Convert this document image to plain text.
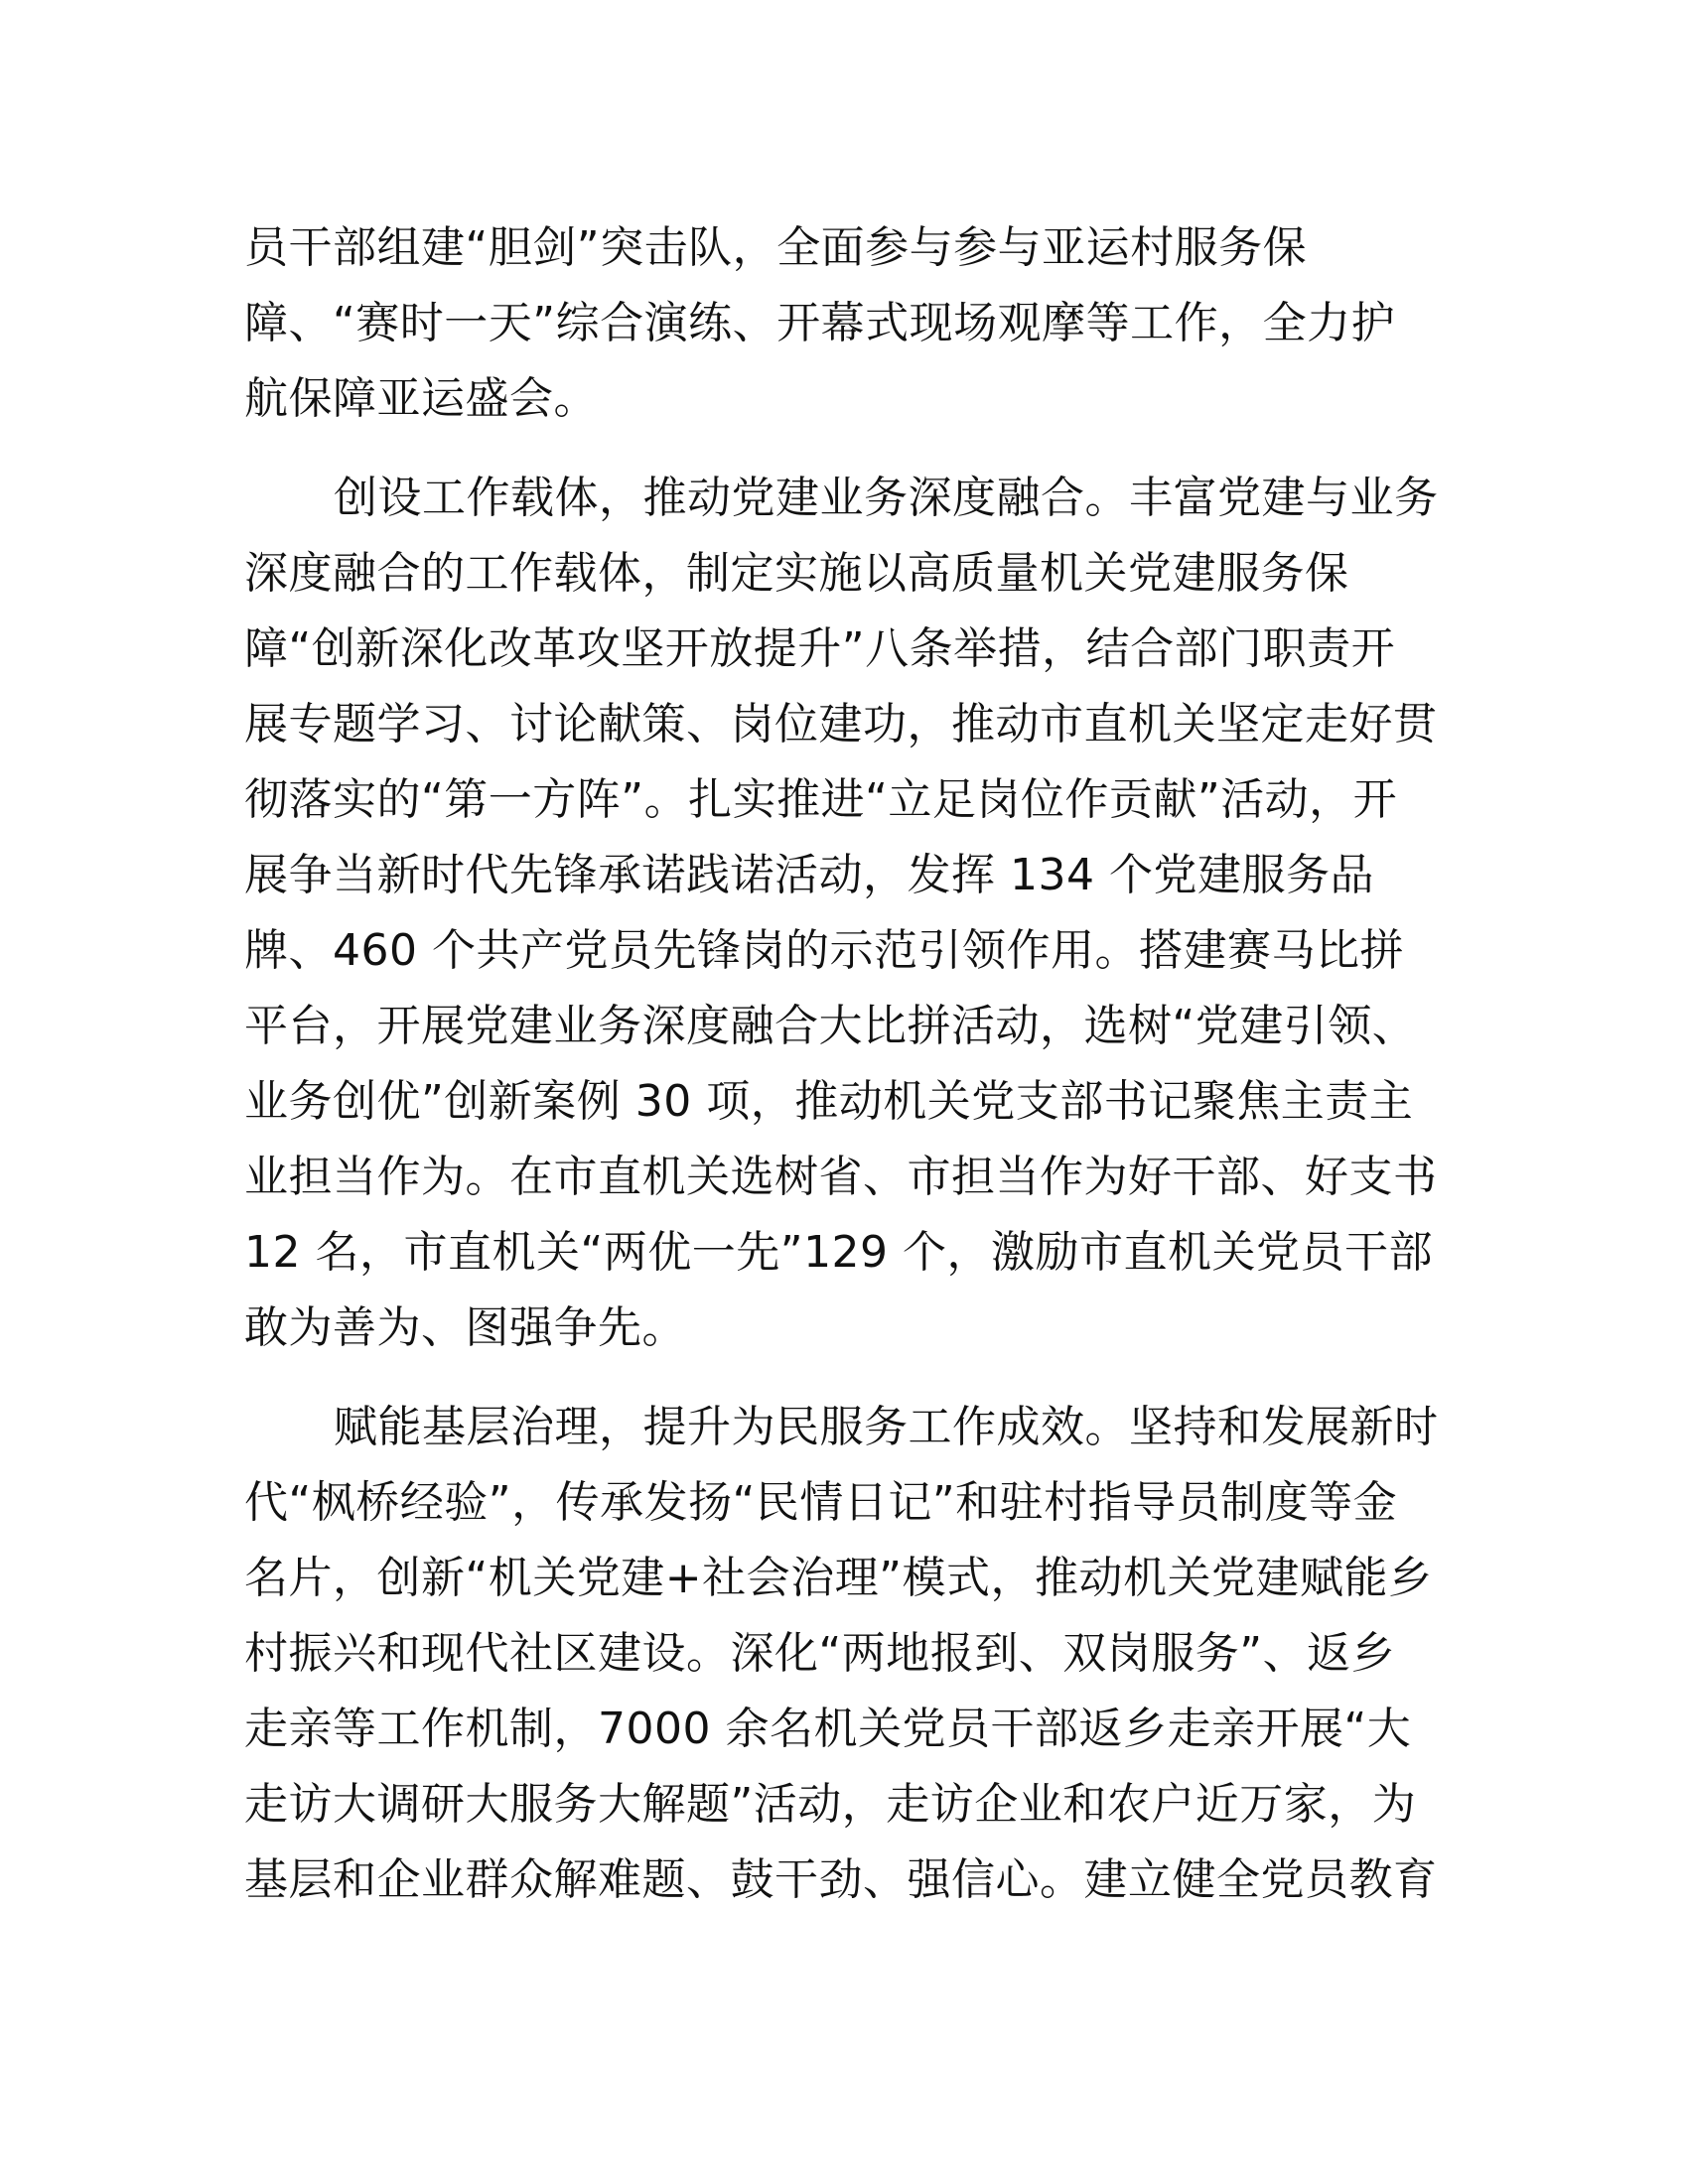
员干部组建“胆剑”突击队，全面参与参与亚运村服务保
障、“赛时一天”综合演练、开幕式现场观摩等工作，全力护
航保障亚运盛会。
创设工作载体，推动党建业务深度融合。丰富党建与业务
深度融合的工作载体，制定实施以高质量机关党建服务保
障“创新深化改革攻坚开放提升”八条举措，结合部门职责开
展专题学习、讨论献策、岗位建功，推动市直机关坚定走好贯
彻落实的“第一方阵”。扎实推进“立足岗位作贡献”活动，开
展争当新时代先锋承诺践诺活动，发挥 134 个党建服务品
牌、460 个共产党员先锋岗的示范引领作用。搭建赛马比拼
平台，开展党建业务深度融合大比拼活动，选树“党建引领、
业务创优”创新案例 30 项，推动机关党支部书记聚焦主责主
业担当作为。在市直机关选树省、市担当作为好干部、好支书
12 名，市直机关“两优一先”129 个，激励市直机关党员干部
敢为善为、图强争先。
赋能基层治理，提升为民服务工作成效。坚持和发展新时
代“枫桥经验”，传承发扬“民情日记”和驻村指导员制度等金
名片，创新“机关党建+社会治理”模式，推动机关党建赋能乡
村振兴和现代社区建设。深化“两地报到、双岗服务”、返乡
走亲等工作机制，7000 余名机关党员干部返乡走亲开展“大
走访大调研大服务大解题”活动，走访企业和农户近万家，为
基层和企业群众解难题、鼓干劲、强信心。建立健全党员教育
